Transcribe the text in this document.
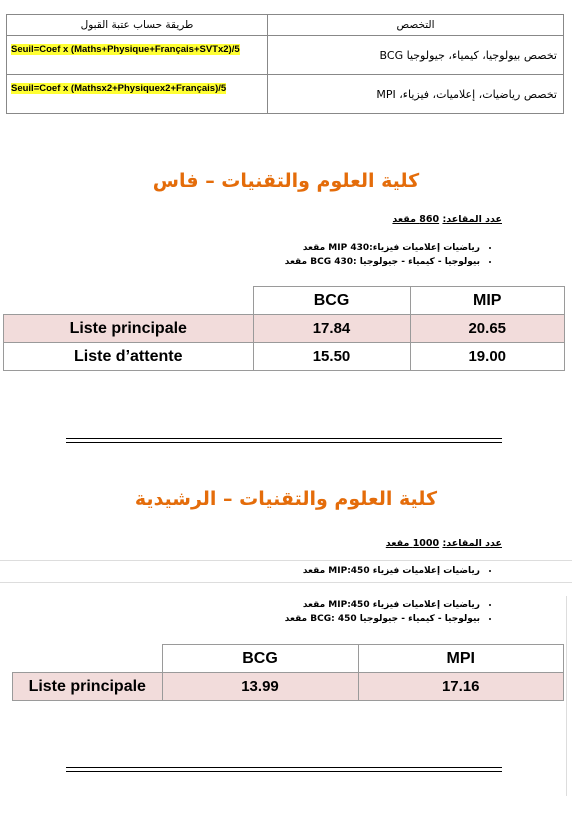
طريقة حساب عتبة القبول	التخصص
Seuil=Coef x (Maths+Physique+Français+SVTx2)/5	تخصص بيولوجيا، كيمياء، جيولوجيا BCG
Seuil=Coef x (Mathsx2+Physiquex2+Français)/5	تخصص رياضيات، إعلاميات، فيزياء، MPI
كلية العلوم والتقنيات – فاس
عدد المقاعد: 860 مقعد
• رياضيات إعلاميات فيزياء:MIP 430 مقعد
• بيولوجيا - كيمياء - جيولوجيا :BCG 430 مقعد
	BCG	MIP
Liste principale	17.84	20.65
Liste d’attente	15.50	19.00
كلية العلوم والتقنيات – الرشيدية
عدد المقاعد: 1000 مقعد
• رياضيات إعلاميات فيزياء MIP:450 مقعد
• رياضيات إعلاميات فيزياء MIP:450 مقعد
• بيولوجيا - كيمياء - جيولوجيا BCG: 450 مقعد
	BCG	MPI
Liste principale	13.99	17.16
